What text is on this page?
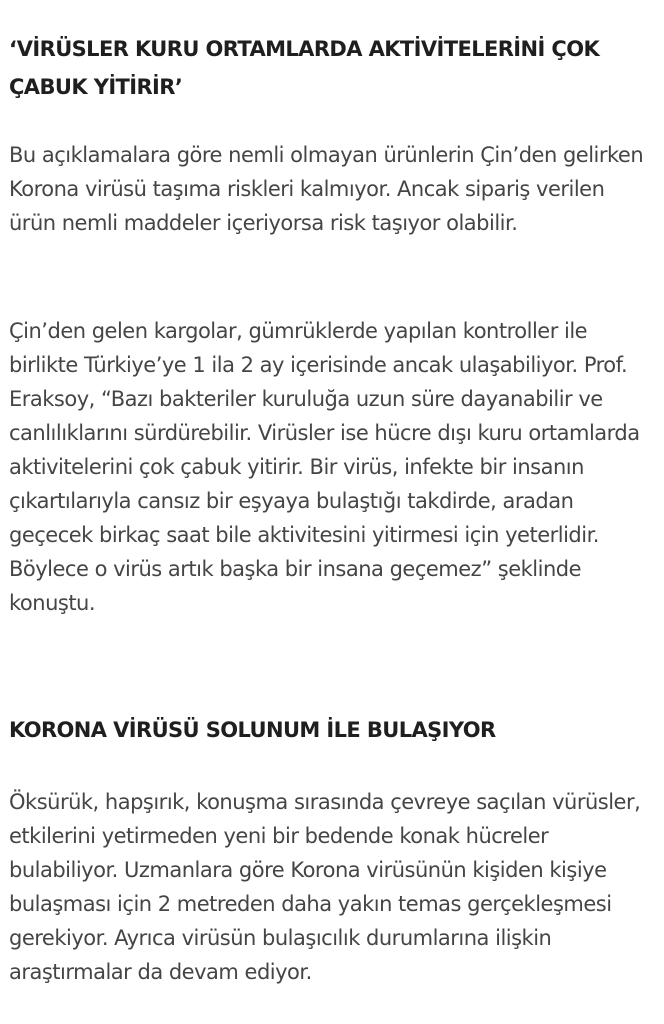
‘VİRÜSLER KURU ORTAMLARDA AKTİVİTELERİNİ ÇOK ÇABUK YİTİRİR’

Bu açıklamalara göre nemli olmayan ürünlerin Çin’den gelirken Korona virüsü taşıma riskleri kalmıyor. Ancak sipariş verilen ürün nemli maddeler içeriyorsa risk taşıyor olabilir.

Çin’den gelen kargolar, gümrüklerde yapılan kontroller ile birlikte Türkiye’ye 1 ila 2 ay içerisinde ancak ulaşabiliyor. Prof. Eraksoy, “Bazı bakteriler kuruluğa uzun süre dayanabilir ve canlılıklarını sürdürebilir. Virüsler ise hücre dışı kuru ortamlarda aktivitelerini çok çabuk yitirir. Bir virüs, infekte bir insanın çıkartılarıyla cansız bir eşyaya bulaştığı takdirde, aradan geçecek birkaç saat bile aktivitesini yitirmesi için yeterlidir. Böylece o virüs artık başka bir insana geçemez” şeklinde konuştu.

KORONA VİRÜSÜ SOLUNUM İLE BULAŞIYOR

Öksürük, hapşırık, konuşma sırasında çevreye saçılan vürüsler, etkilerini yetirmeden yeni bir bedende konak hücreler bulabiliyor. Uzmanlara göre Korona virüsünün kişiden kişiye bulaşması için 2 metreden daha yakın temas gerçekleşmesi gerekiyor. Ayrıca virüsün bulaşıcılık durumlarına ilişkin araştırmalar da devam ediyor.
